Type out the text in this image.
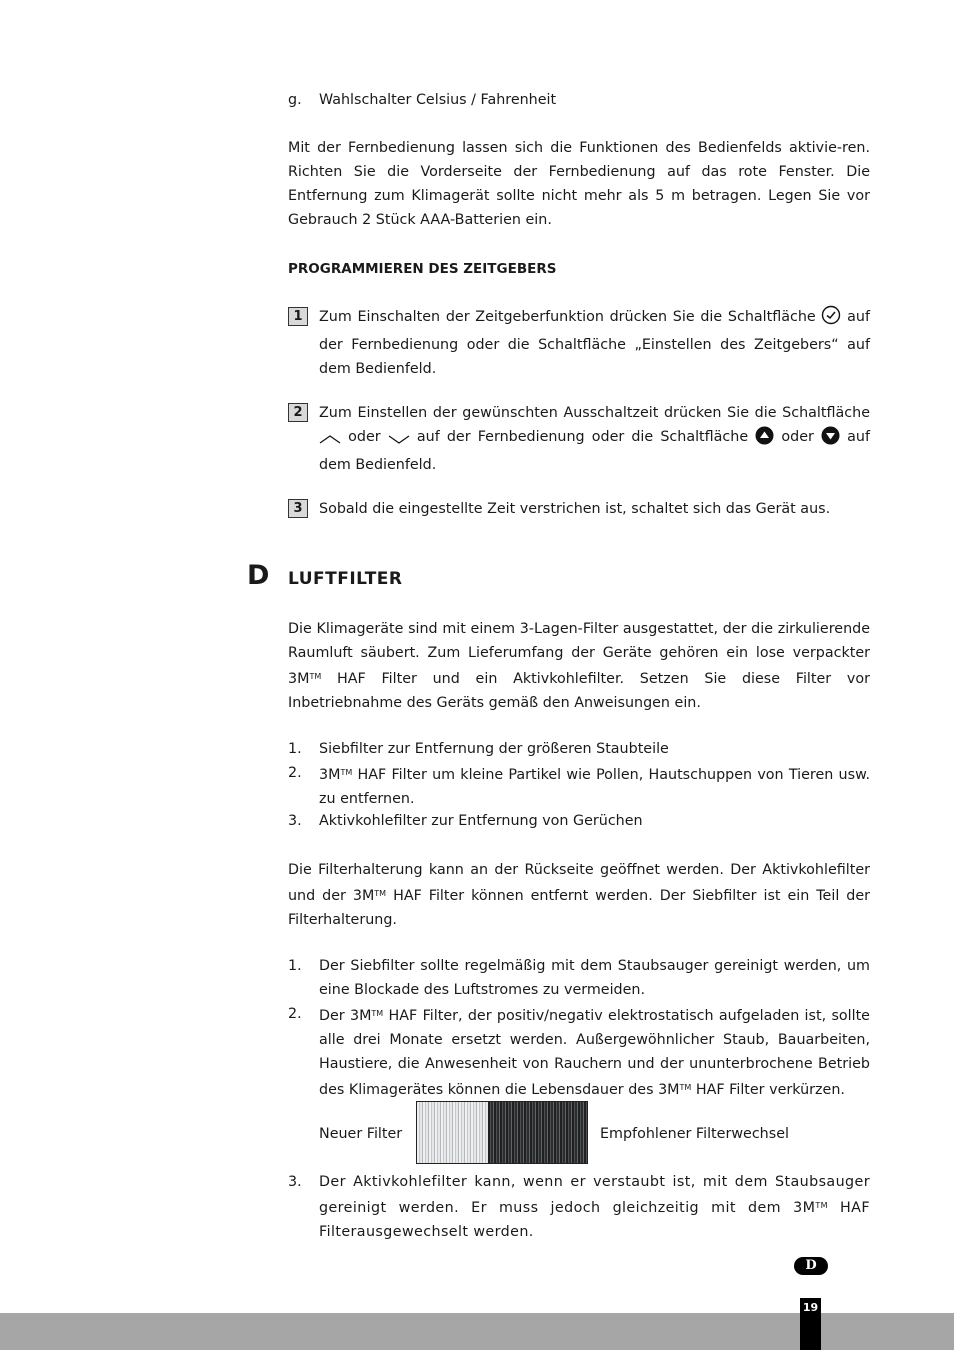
g. Wahlschalter Celsius / Fahrenheit

Mit der Fernbedienung lassen sich die Funktionen des Bedienfelds aktivie-ren. Richten Sie die Vorderseite der Fernbedienung auf das rote Fenster. Die Entfernung zum Klimagerät sollte nicht mehr als 5 m betragen. Legen Sie vor Gebrauch 2 Stück AAA-Batterien ein.

PROGRAMMIEREN DES ZEITGEBERS
1	Zum Einschalten der Zeitgeberfunktion drücken Sie die Schaltfläche auf der Fernbedienung oder die Schaltfläche „Einstellen des Zeitgebers“ auf dem Bedienfeld.
2	Zum Einstellen der gewünschten Ausschaltzeit drücken Sie die Schaltfläche  oder	auf der Fernbedienung oder die Schaltfläche oder auf dem Bedienfeld.
3	Sobald die eingestellte Zeit verstrichen ist, schaltet sich das Gerät aus.
D LUFTFILTER

Die Klimageräte sind mit einem 3-Lagen-Filter ausgestattet, der die zirkulierende Raumluft säubert. Zum Lieferumfang der Geräte gehören ein lose verpackter 3M™ HAF Filter und ein Aktivkohlefilter. Setzen Sie diese Filter vor Inbetriebnahme des Geräts gemäß den Anweisungen ein.

1. Siebfilter zur Entfernung der größeren Staubteile
2. 3M™ HAF Filter um kleine Partikel wie Pollen, Hautschuppen von Tieren usw. zu entfernen.
3. Aktivkohlefilter zur Entfernung von Gerüchen

Die Filterhalterung kann an der Rückseite geöffnet werden. Der Aktivkohlefilter und der 3M™ HAF Filter können entfernt werden. Der Siebfilter ist ein Teil der Filterhalterung.

1. Der Siebfilter sollte regelmäßig mit dem Staubsauger gereinigt werden, um eine Blockade des Luftstromes zu vermeiden.
2. Der 3M™ HAF Filter, der positiv/negativ elektrostatisch aufgeladen ist, sollte alle drei Monate ersetzt werden. Außergewöhnlicher Staub, Bauarbeiten, Haustiere, die Anwesenheit von Rauchern und der ununterbrochene Betrieb des Klimagerätes können die Lebensdauer des 3M™ HAF Filter verkürzen.
Neuer Filter	Empfohlener Filterwechsel
3. Der Aktivkohlefilter kann, wenn er verstaubt ist, mit dem Staubsauger gereinigt werden. Er muss jedoch gleichzeitig mit dem 3M™ HAF Filterausgewechselt werden.
D
19
